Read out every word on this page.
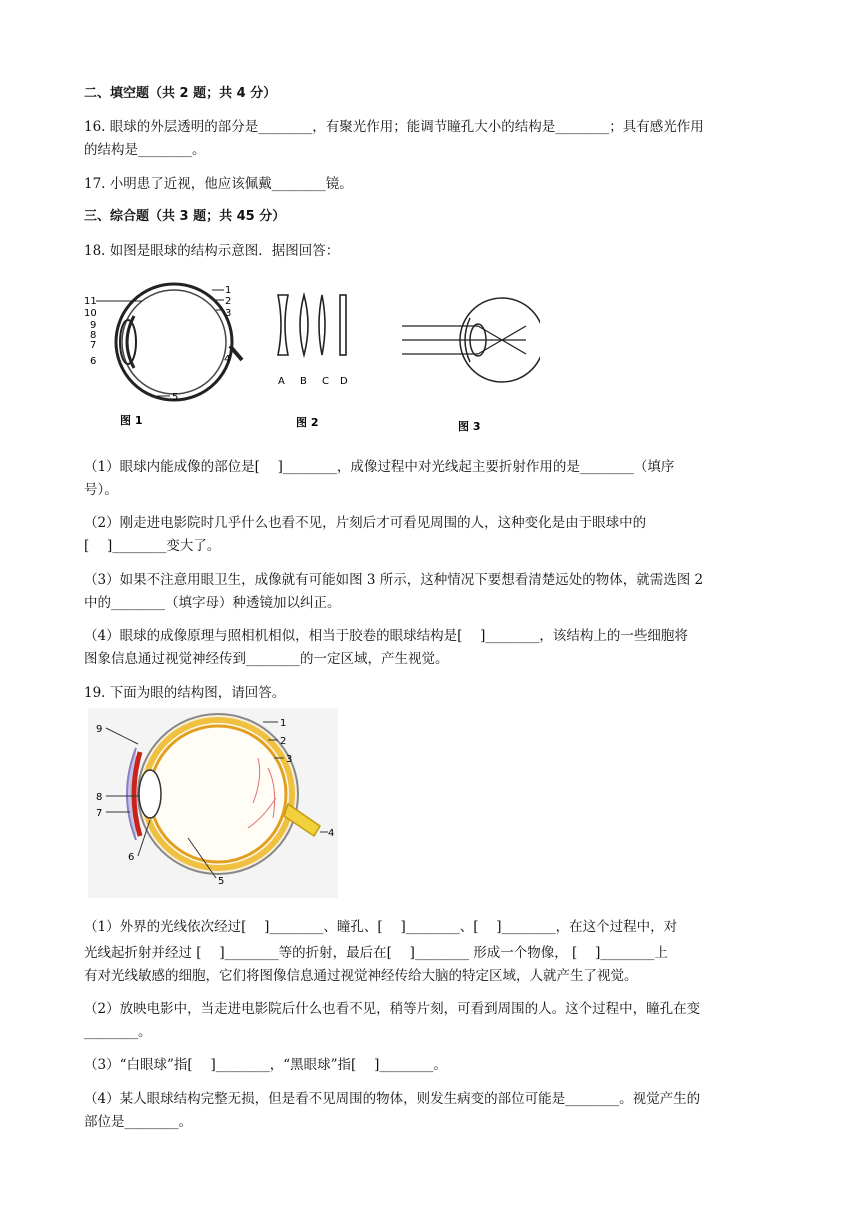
二、填空题（共 2 题；共 4 分）
16. 眼球的外层透明的部分是________，有聚光作用；能调节瞳孔大小的结构是________；具有感光作用
的结构是________。
17. 小明患了近视，他应该佩戴________镜。
三、综合题（共 3 题；共 45 分）
18. 如图是眼球的结构示意图．据图回答：
11
10
9
8
7
6
1
2
3
4
5
图 1
A B C D
图 2	图 3
（1）眼球内能成像的部位是[　 ]________，成像过程中对光线起主要折射作用的是________（填序
号）。
（2）刚走进电影院时几乎什么也看不见，片刻后才可看见周围的人，这种变化是由于眼球中的
[　 ]________变大了。
（3）如果不注意用眼卫生，成像就有可能如图 3 所示，这种情况下要想看清楚远处的物体，就需选图 2
中的________（填字母）种透镜加以纠正。
（4）眼球的成像原理与照相机相似，相当于胶卷的眼球结构是[　 ]________，该结构上的一些细胞将
图象信息通过视觉神经传到________的一定区域，产生视觉。
19. 下面为眼的结构图，请回答。
9
8
7
6
1
2
3
4
5
（1）外界的光线依次经过[　 ]________、瞳孔、[　 ]________、[　 ]________，在这个过程中，对
光线起折射并经过 [　 ]________等的折射，最后在[　 ]________ 形成一个物像， [　 ]________上
有对光线敏感的细胞，它们将图像信息通过视觉神经传给大脑的特定区域，人就产生了视觉。
（2）放映电影中，当走进电影院后什么也看不见，稍等片刻，可看到周围的人。这个过程中，瞳孔在变
________。
（3）“白眼球”指[　 ]________，“黑眼球”指[　 ]________。
（4）某人眼球结构完整无损，但是看不见周围的物体，则发生病变的部位可能是________。视觉产生的
部位是________。
